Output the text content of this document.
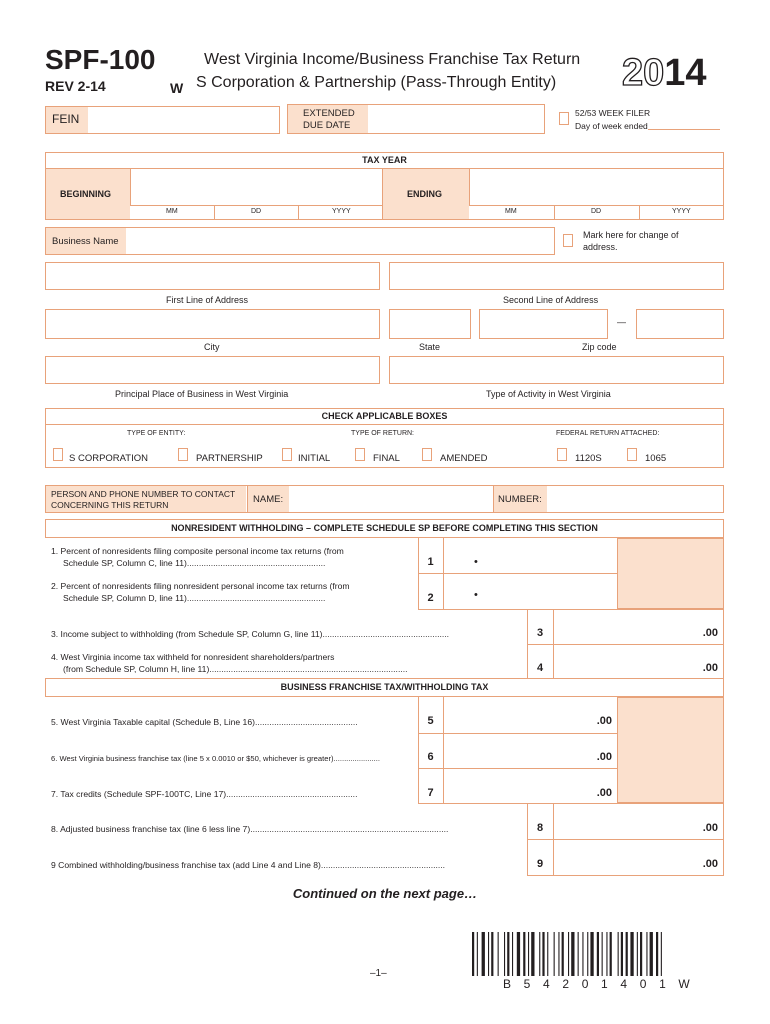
SPF-100
REV 2-14	W
West Virginia Income/Business Franchise Tax Return
S Corporation & Partnership (Pass-Through Entity) 2014
FEIN	EXTENDED
DUE DATE
52/53 WEEK FILER
Day of week ended
TAX YEAR
BEGINNING
MM	DD	YYYY
ENDING
MM	DD	YYYY
Business Name
Mark here for change of
address.
First Line of Address	Second Line of Address
—
City	State	Zip code
Principal Place of Business in West Virginia	Type of Activity in West Virginia
CHECK APPLICABLE BOXES
TYPE OF ENTITY:	TYPE OF RETURN:	FEDERAL RETURN ATTACHED:
S CORPORATION	PARTNERSHIP	INITIAL	FINAL	AMENDED	1120S	1065
PERSON AND PHONE NUMBER TO CONTACT
CONCERNING THIS RETURN	NAME:	NUMBER:
NONRESIDENT WITHHOLDING – COMPLETE SCHEDULE SP BEFORE COMPLETING THIS SECTION
1. Percent of nonresidents filing composite personal income tax returns (from
Schedule SP, Column C, line 11)..........................................................	1	•
2. Percent of nonresidents filing nonresident personal income tax returns (from
Schedule SP, Column D, line 11)..........................................................	2	•
3. Income subject to withholding (from Schedule SP, Column G, line 11).....................................................	3	.00
4. West Virginia income tax withheld for nonresident shareholders/partners
(from Schedule SP, Column H, line 11)...................................................................................	4	.00
BUSINESS FRANCHISE TAX/WITHHOLDING TAX
5. West Virginia Taxable capital (Schedule B, Line 16)...........................................	5	.00
6. West Virginia business franchise tax (line 5 x 0.0010 or $50, whichever is greater)......................	6	.00
7. Tax credits (Schedule SPF-100TC, Line 17).......................................................	7	.00
8. Adjusted business franchise tax (line 6 less line 7)...................................................................................	8	.00
9 Combined withholding/business franchise tax (add Line 4 and Line 8)....................................................	9	.00
Continued on the next page…
–1–
B  5  4  2  0  1  4  0  1  W
